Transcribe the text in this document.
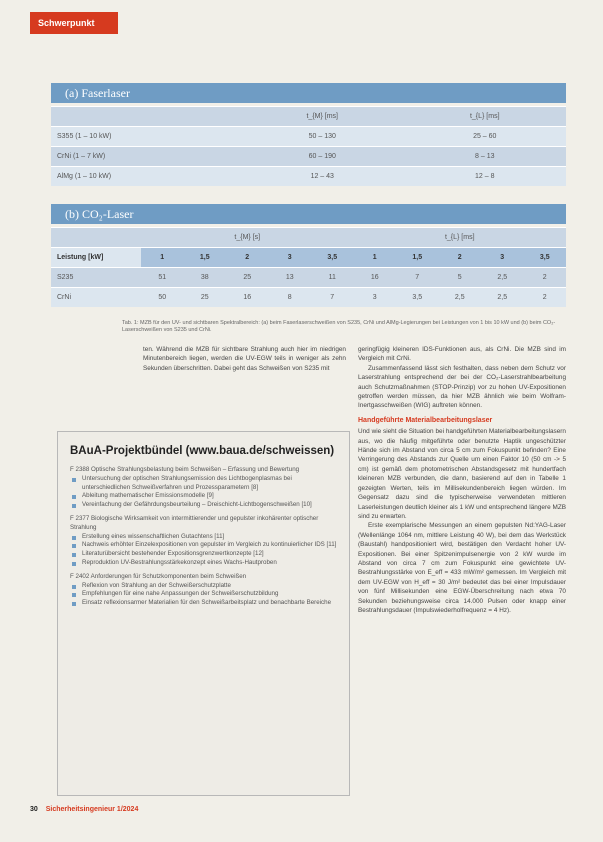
Schwerpunkt
(a) Faserlaser
	t_{M} [ms]	t_{L} [ms]
S355 (1 – 10 kW)	50 – 130	25 – 60
CrNi (1 – 7 kW)	60 – 190	8 – 13
AlMg (1 – 10 kW)	12 – 43	12 – 8
(b) CO₂-Laser
	t_{M} [s]					t_{L} [ms]				
Leistung [kW]	1	1,5	2	3	3,5	1	1,5	2	3	3,5
S235	51	38	25	13	11	16	7	5	2,5	2
CrNi	50	25	16	8	7	3	3,5	2,5	2,5	2
Tab. 1: MZB für den UV- und sichtbaren Spektralbereich: (a) beim Faserlaserschweißen von S235, CrNi und AlMg-Legierungen bei Leistungen von 1 bis 10 kW und (b) beim CO₂-Laserschweißen von S235 und CrNi.
ten. Während die MZB für sichtbare Strahlung auch hier im niedrigen Minutenbereich liegen, werden die UV-EGW teils in weniger als zehn Sekunden überschritten. Dabei geht das Schweißen von S235 mit
BAuA-Projektbündel (www.baua.de/schweissen)
F 2388 Optische Strahlungsbelastung beim Schweißen – Erfassung und Bewertung
Untersuchung der optischen Strahlungsemission des Lichtbogenplasmas bei unterschiedlichen Schweißverfahren und Prozessparametern [8]
Ableitung mathematischer Emissionsmodelle [9]
Vereinfachung der Gefährdungsbeurteilung – Dreischicht-Lichtbogenschweißen [10]
F 2377 Biologische Wirksamkeit von intermittierender und gepulster inkohärenter optischer Strahlung
Erstellung eines wissenschaftlichen Gutachtens [11]
Nachweis erhöhter Einzelexpositionen von gepulster im Vergleich zu kontinuierlicher IDS [11]
Literaturübersicht bestehender Expositionsgrenzwertkonzepte [12]
Reproduktion UV-Bestrahlungsstärkekonzept eines Wachs-Hautproben
F 2402 Anforderungen für Schutzkomponenten beim Schweißen
Reflexion von Strahlung an der Schweißerschutzplatte
Empfehlungen für eine nahe Anpassungen der Schweißerschutzbildung
Einsatz reflexionsarmer Materialien für den Schweißarbeitsplatz und benachbarte Bereiche
geringfügig kleineren IDS-Funktionen aus, als CrNi. Die MZB sind im Vergleich mit CrNi.
Zusammenfassend lässt sich festhalten, dass neben dem Schutz vor Laserstrahlung entsprechend der bei der CO₂-Laserstrahlbearbeitung auch Schutzmaßnahmen (STOP-Prinzip) vor zu hohen UV-Expositionen getroffen werden müssen, da hier MZB ähnlich wie beim Wolfram-Inertgasschweißen (WIG) auftreten können.
Handgeführte Materialbearbeitungslaser
Und wie sieht die Situation bei handgeführten Materialbearbeitungslasern aus, wo die häufig mitgeführte oder benutzte Haptik ungeschützter Hände sich im Abstand von circa 5 cm zum Fokuspunkt befinden? Eine Verringerung des Abstands zur Quelle um einen Faktor 10 (50 cm -> 5 cm) ist gemäß dem photometrischen Abstandsgesetz mit hundertfach kleineren MZB verbunden, die dann, basierend auf den in Tabelle 1 gezeigten Werten, teils im Millisekundenbereich liegen würden. Im Gegensatz dazu sind die typischerweise verwendeten mittleren Laserleistungen deutlich kleiner als 1 kW und entsprechend längere MZB sind zu erwarten.
Erste exemplarische Messungen an einem gepulsten Nd:YAG-Laser (Wellenlänge 1064 nm, mittlere Leistung 40 W), bei dem das Werkstück (Baustahl) handpositioniert wird, bestätigen den Verdacht hoher UV-Expositionen. Bei einer Spitzenimpulsenergie von 2 kW wurde im Abstand von circa 7 cm zum Fokuspunkt eine gewichtete UV-Bestrahlungsstärke von E_eff = 433 mW/m² gemessen. Im Vergleich mit dem UV-EGW von H_eff = 30 J/m² bedeutet das bei einer Impulsdauer von fünf Millisekunden eine EGW-Überschreitung nach etwa 70 Sekunden beziehungsweise circa 14.000 Pulsen oder knapp einer Bestrahlungsdauer (Impulswiederholfrequenz = 4 Hz).
30 Sicherheitsingenieur 1/2024
